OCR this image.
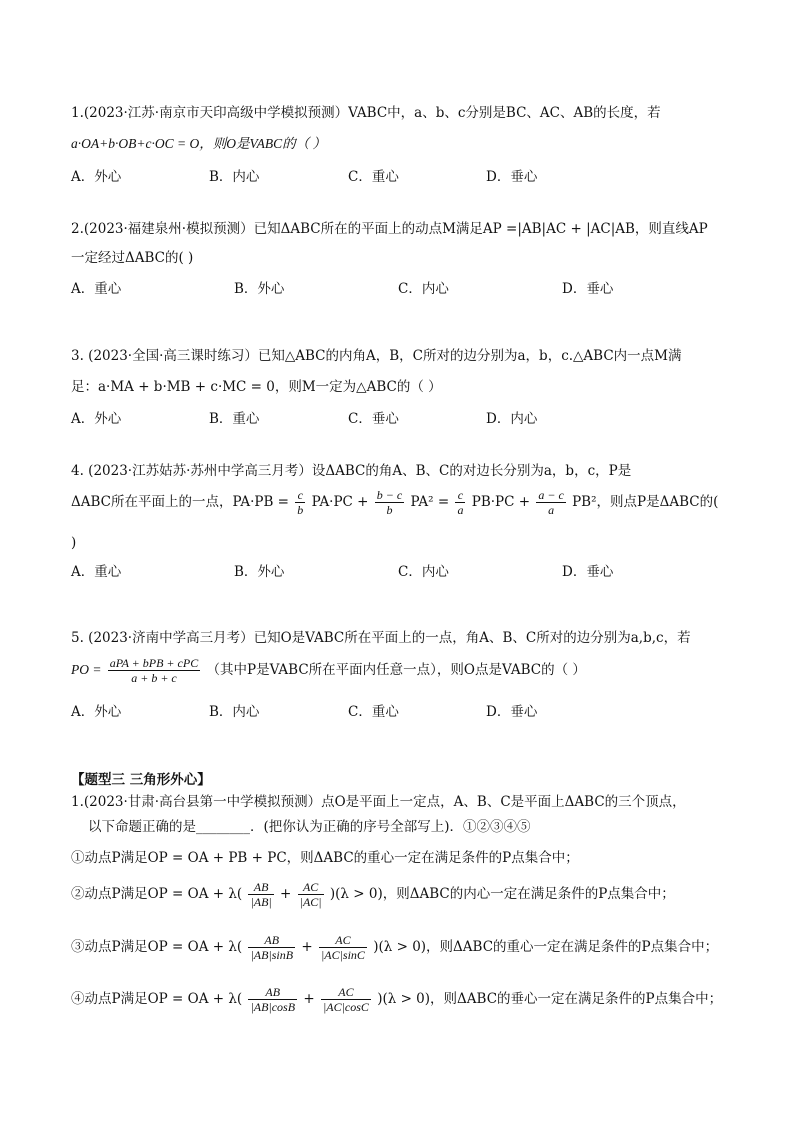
1.(2023·江苏·南京市天印高级中学模拟预测）VABC中，a、b、c分别是BC、AC、AB的长度，若
a·OA+b·OB+c·OC = O，则O是VABC的（ ）
A．外心	B．内心	C．重心	D．垂心
2.(2023·福建泉州·模拟预测）已知ΔABC所在的平面上的动点M满足AP =|AB|AC + |AC|AB，则直线AP
一定经过ΔABC的( )
A．重心	B．外心	C．内心	D．垂心
3. (2023·全国·高三课时练习）已知△ABC的内角A，B，C所对的边分别为a，b，c.△ABC内一点M满
足：a·MA + b·MB + c·MC = 0，则M一定为△ABC的（ ）
A．外心	B．重心	C．垂心	D．内心
4. (2023·江苏姑苏·苏州中学高三月考）设ΔABC的角A、B、C的对边长分别为a，b，c，P是
ΔABC所在平面上的一点，$PA\cdot PB = \frac{c}{b} PA\cdot PC + \frac{b - c}{b} PA^2 = \frac{c}{a} PB\cdot PC + \frac{a - c}{a} PB^2$，则点P是ΔABC的(
)
A．重心	B．外心	C．内心	D．垂心
5. (2023·济南中学高三月考）已知O是VABC所在平面上的一点，角A、B、C所对的边分别为a,b,c，若
PO = $\frac{\text{aPA + bPB + cPC}}{a + b + c}$ （其中P是VABC所在平面内任意一点），则O点是VABC的（ ）
A．外心	B．内心	C．重心	D．垂心
【题型三 三角形外心】
1.(2023·甘肃·高台县第一中学模拟预测）点O是平面上一定点，A、B、C是平面上ΔABC的三个顶点，
以下命题正确的是________．(把你认为正确的序号全部写上)．①②③④⑤
①动点P满足OP = OA + PB + PC，则ΔABC的重心一定在满足条件的P点集合中；
②动点P满足OP = OA + $\lambda( \frac{AB}{|AB|} + \frac{AC}{|AC|} )(\lambda > 0)$，则ΔABC的内心一定在满足条件的P点集合中；
③动点P满足OP = OA + $\lambda( \frac{AB}{|AB|\sin B} + \frac{AC}{|AC|\sin C} )(\lambda > 0)$，则ΔABC的重心一定在满足条件的P点集合中；
④动点P满足OP = OA + $\lambda( \frac{AB}{|AB|\cos B} + \frac{AC}{|AC|\cos C} )(\lambda > 0)$，则ΔABC的垂心一定在满足条件的P点集合中；
